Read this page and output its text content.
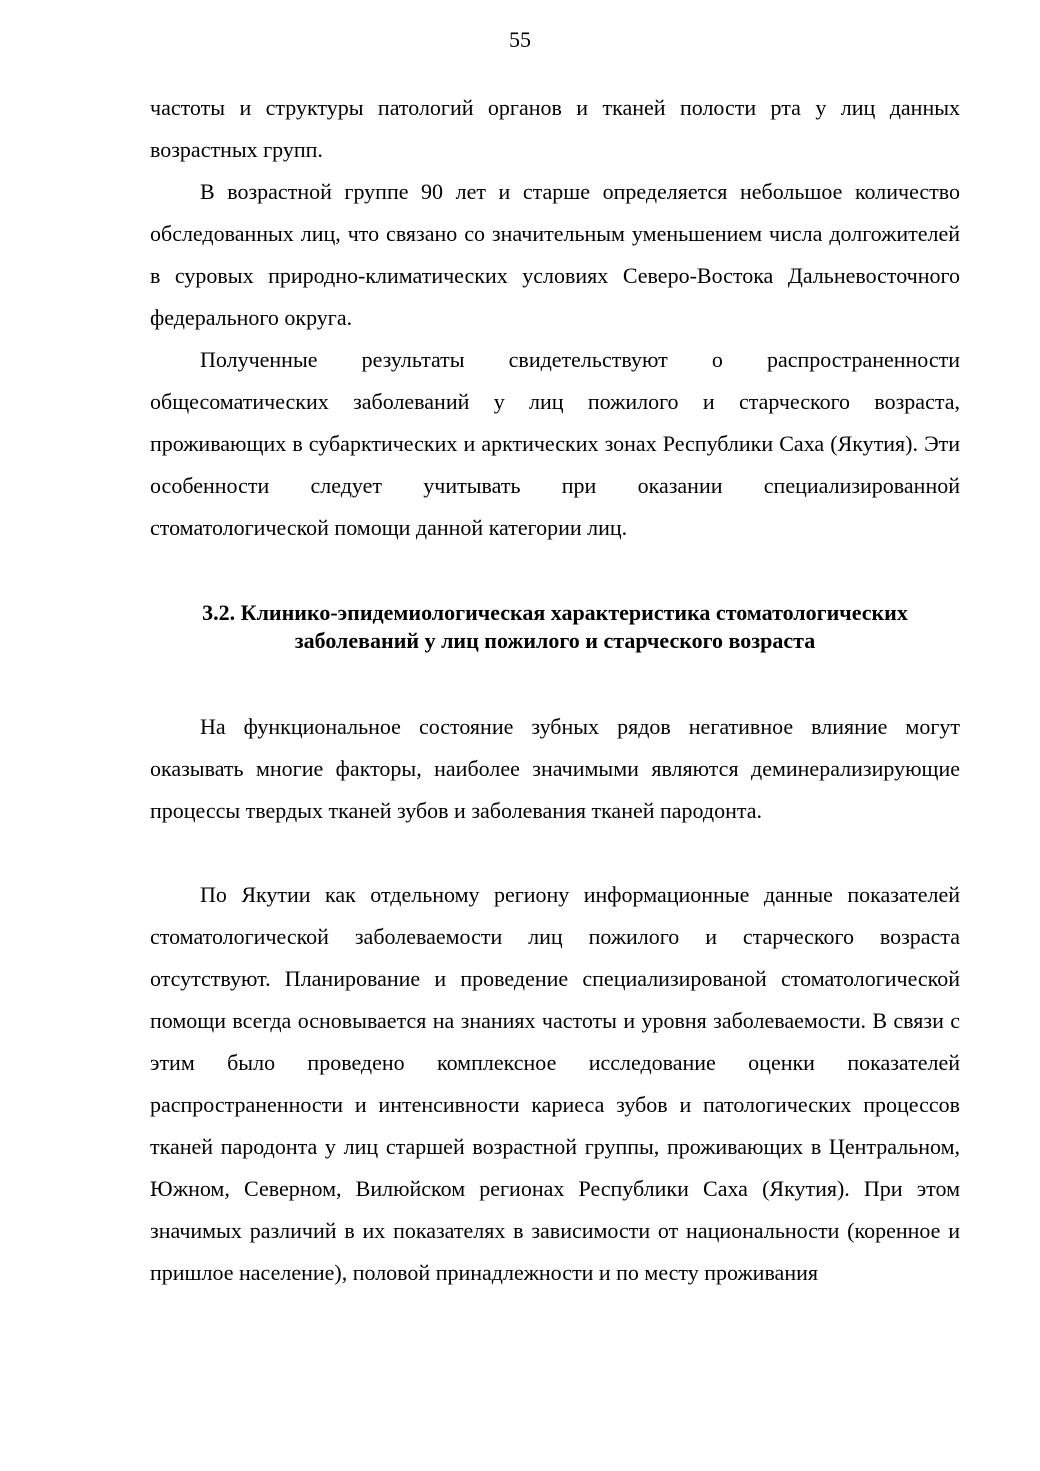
55

частоты и структуры патологий органов и тканей полости рта у лиц данных возрастных групп.

В возрастной группе 90 лет и старше определяется небольшое количество обследованных лиц, что связано со значительным уменьшением числа долгожителей в суровых природно-климатических условиях Северо-Востока Дальневосточного федерального округа.

Полученные результаты свидетельствуют о распространенности общесоматических заболеваний у лиц пожилого и старческого возраста, проживающих в субарктических и арктических зонах Республики Саха (Якутия). Эти особенности следует учитывать при оказании специализированной стоматологической помощи данной категории лиц.

3.2. Клинико-эпидемиологическая характеристика стоматологических заболеваний у лиц пожилого и старческого возраста

На функциональное состояние зубных рядов негативное влияние могут оказывать многие факторы, наиболее значимыми являются деминерализирующие процессы твердых тканей зубов и заболевания тканей пародонта.

По Якутии как отдельному региону информационные данные показателей стоматологической заболеваемости лиц пожилого и старческого возраста отсутствуют. Планирование и проведение специализированой стоматологической помощи всегда основывается на знаниях частоты и уровня заболеваемости. В связи с этим было проведено комплексное исследование оценки показателей распространенности и интенсивности кариеса зубов и патологических процессов тканей пародонта у лиц старшей возрастной группы, проживающих в Центральном, Южном, Северном, Вилюйском регионах Республики Саха (Якутия). При этом значимых различий в их показателях в зависимости от национальности (коренное и пришлое население), половой принадлежности и по месту проживания
